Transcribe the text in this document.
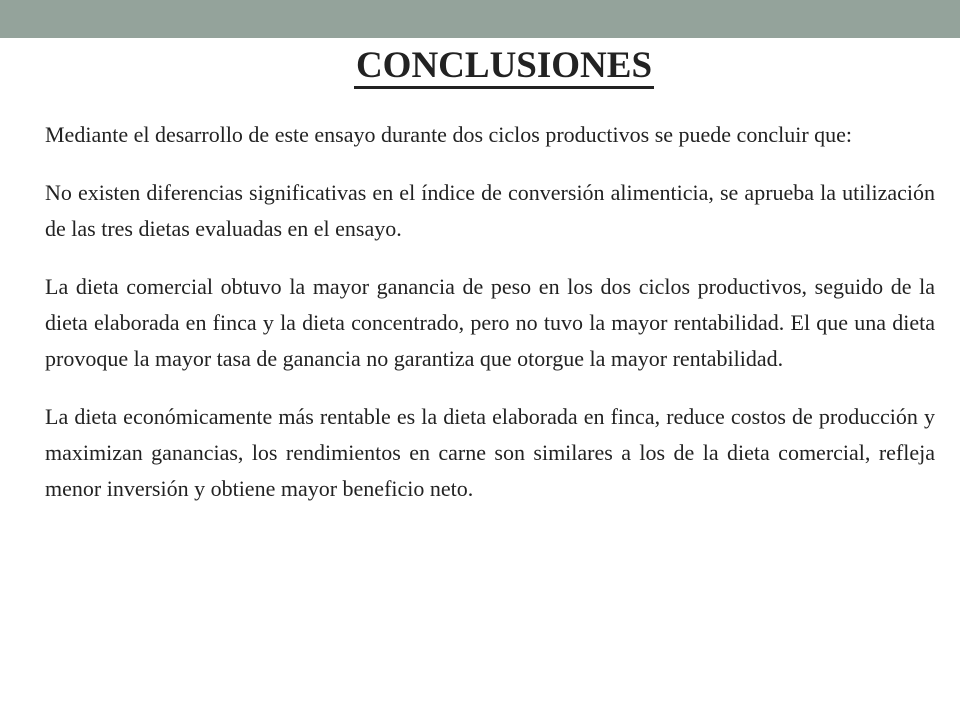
CONCLUSIONES

Mediante el desarrollo de este ensayo durante dos ciclos productivos se puede concluir que:

No existen diferencias significativas en el índice de conversión alimenticia, se aprueba la utilización de las tres dietas evaluadas en el ensayo.

La dieta comercial obtuvo la mayor ganancia de peso en los dos ciclos productivos, seguido de la dieta elaborada en finca y la dieta concentrado, pero no tuvo la mayor rentabilidad. El que una dieta provoque la mayor tasa de ganancia no garantiza que otorgue la mayor rentabilidad.

La dieta económicamente más rentable es la dieta elaborada en finca, reduce costos de producción y maximizan ganancias, los rendimientos en carne son similares a los de la dieta comercial, refleja menor inversión y obtiene mayor beneficio neto.
